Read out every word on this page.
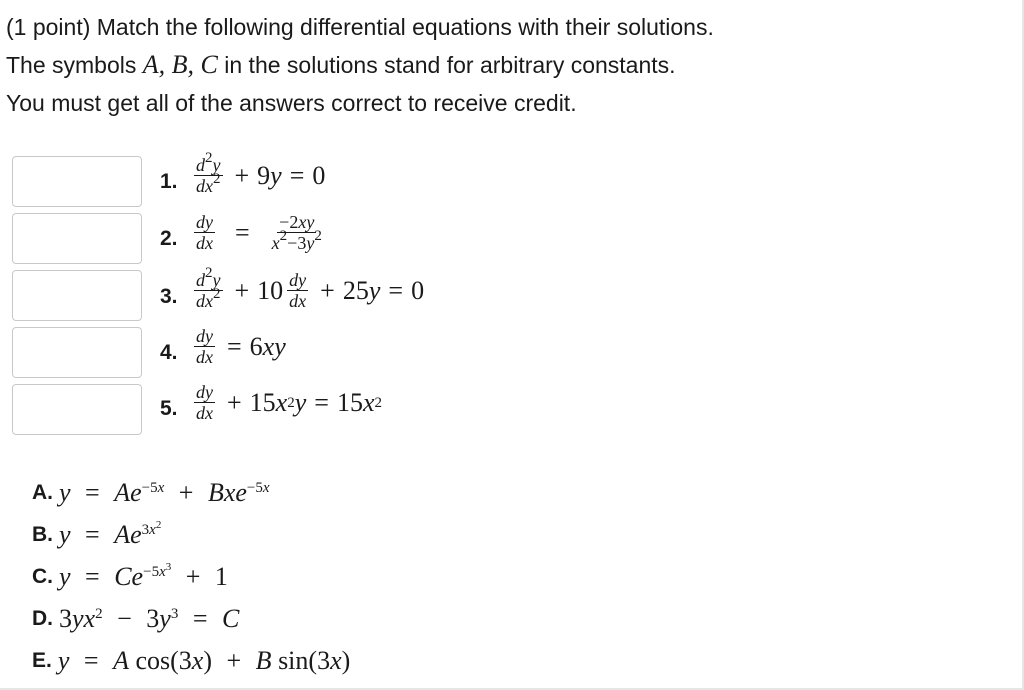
(1 point) Match the following differential equations with their solutions.
The symbols A, B, C in the solutions stand for arbitrary constants.
You must get all of the answers correct to receive credit.
1. $\frac{d^2y}{dx^2} + 9$ y = 0
2. $\frac{dy}{dx} = \frac{-2xy}{x^2-3y^2}$
3. $\frac{d^2y}{dx^2} + 10 \frac{dy}{dx} + 25$ y = 0
4. $\frac{dy}{dx} = 6$ xy
5. $\frac{dy}{dx} + 15$ x 2 y = 15 x 2
A. $y = Ae^{-5x} + Bxe^{-5x}$
B. $y = Ae^{3x^2}$
C. $y = Ce^{-5x^3} + 1$
D. $3yx^2 - 3y^3 = C$
E. y = A cos(3x) + B sin(3x)
